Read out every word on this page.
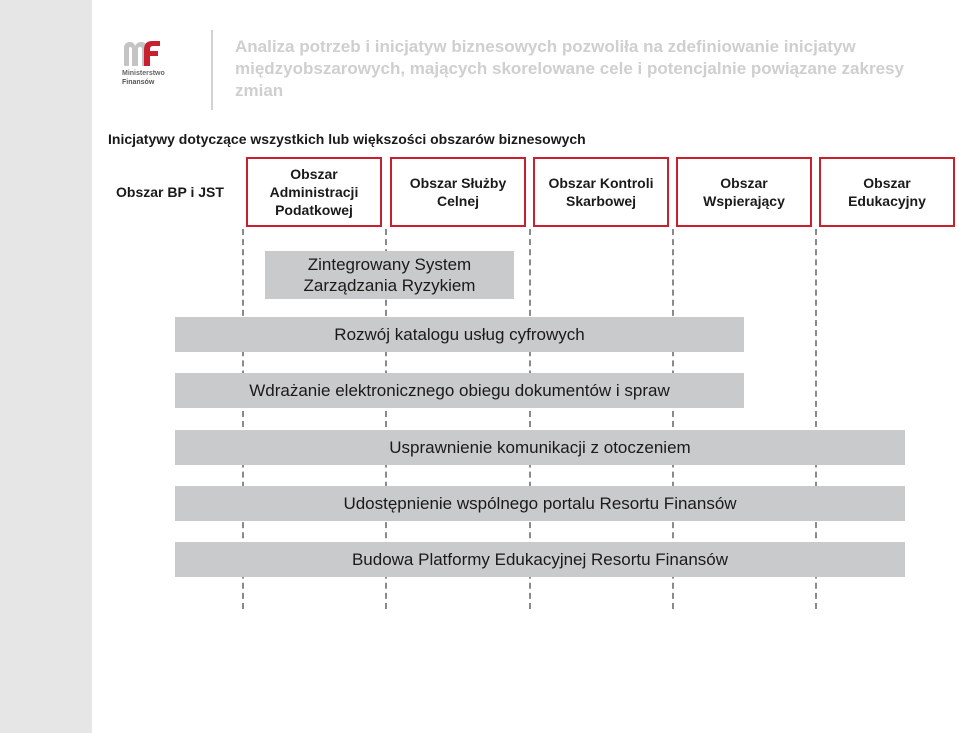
Ministerstwo
Finansów
Analiza potrzeb i inicjatyw biznesowych pozwoliła na zdefiniowanie inicjatyw międzyobszarowych, mających skorelowane cele i potencjalnie powiązane zakresy zmian
Inicjatywy dotyczące wszystkich lub większości obszarów biznesowych
Obszar BP i JST
Obszar Administracji Podatkowej
Obszar Służby Celnej
Obszar Kontroli Skarbowej
Obszar Wspierający
Obszar Edukacyjny
Zintegrowany System Zarządzania Ryzykiem
Rozwój katalogu usług cyfrowych
Wdrażanie elektronicznego obiegu dokumentów i spraw
Usprawnienie komunikacji z otoczeniem
Udostępnienie wspólnego portalu Resortu Finansów
Budowa Platformy Edukacyjnej Resortu Finansów
